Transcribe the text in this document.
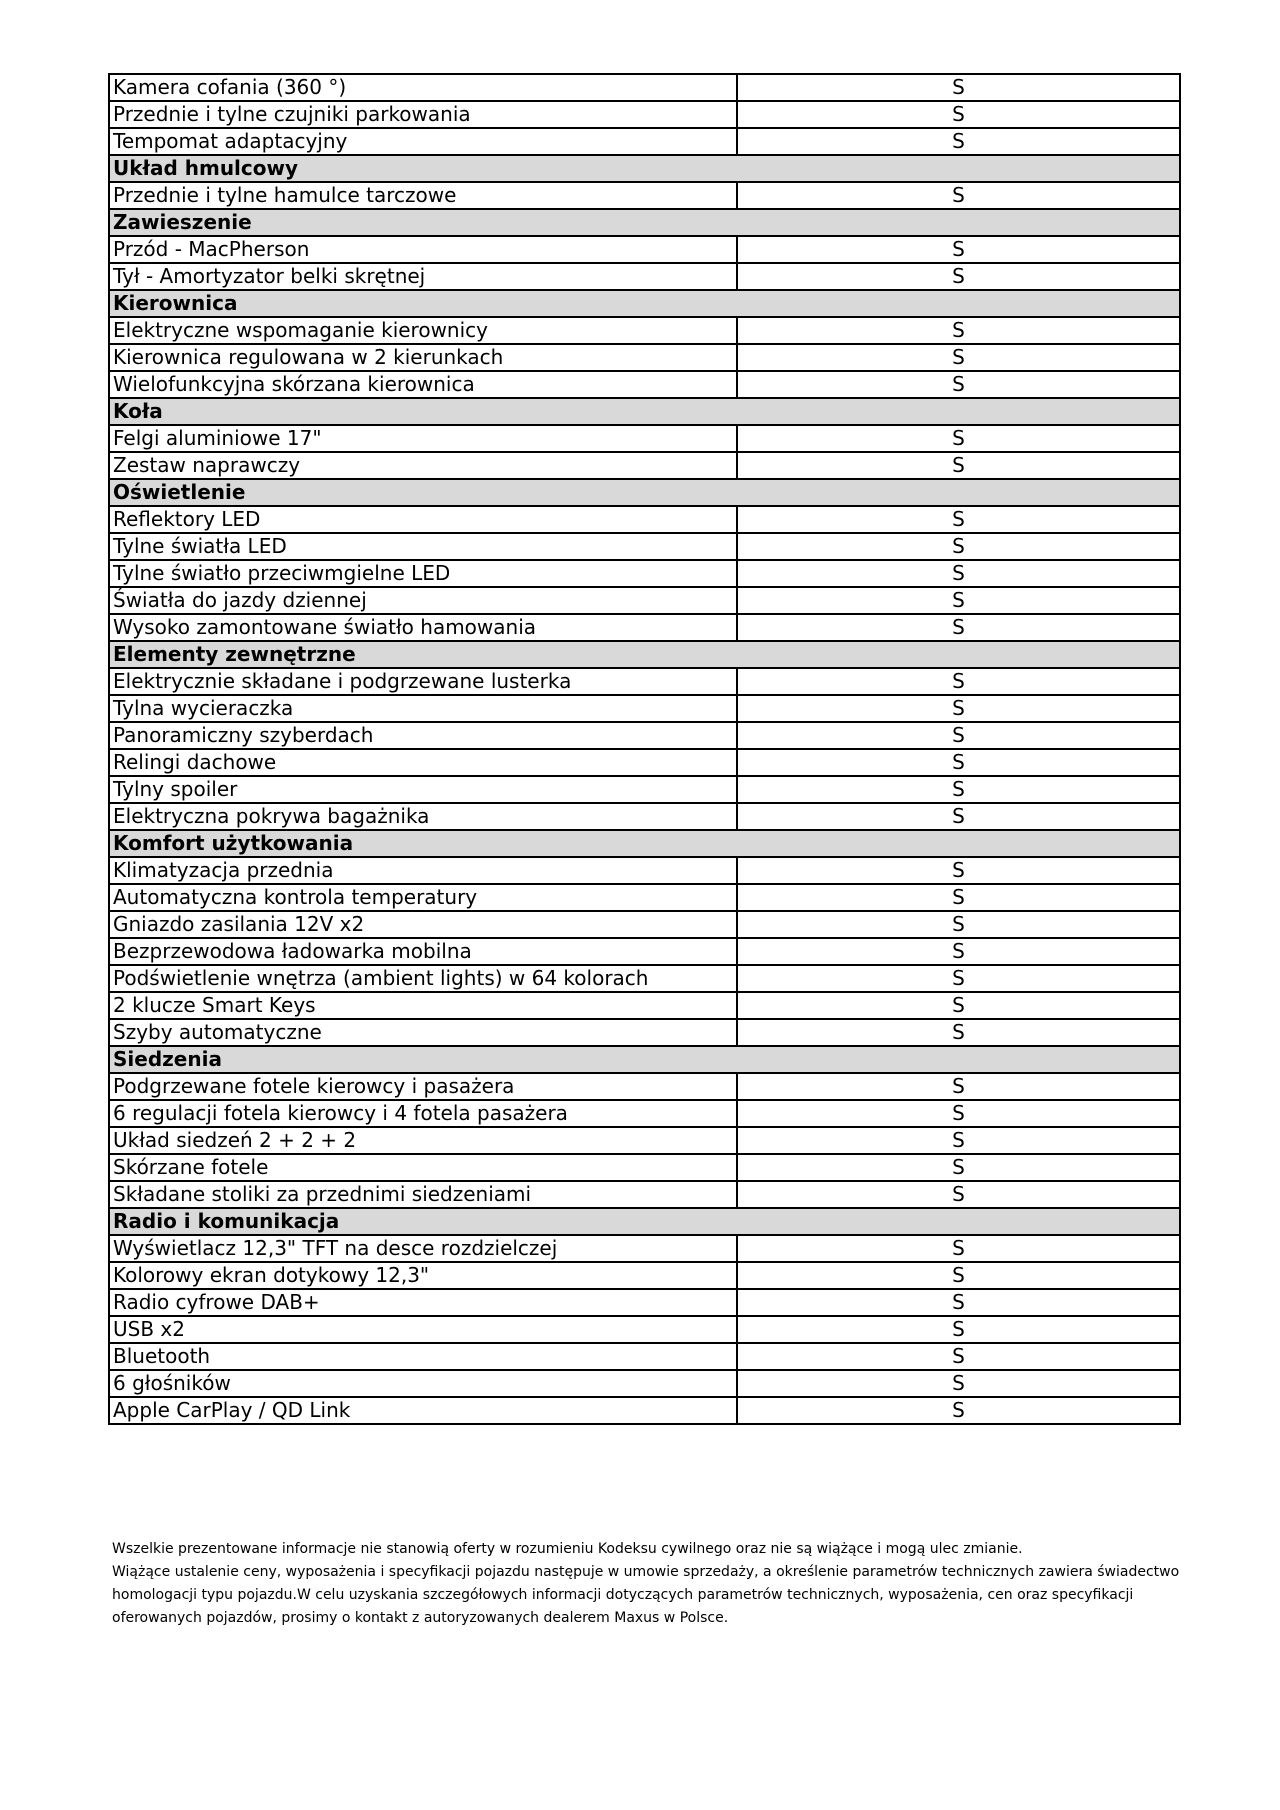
Kamera cofania (360 °)	S
Przednie i tylne czujniki parkowania	S
Tempomat adaptacyjny	S
Układ hmulcowy	
Przednie i tylne hamulce tarczowe	S
Zawieszenie	
Przód - MacPherson	S
Tył - Amortyzator belki skrętnej	S
Kierownica	
Elektryczne wspomaganie kierownicy	S
Kierownica regulowana w 2 kierunkach	S
Wielofunkcyjna skórzana kierownica	S
Koła	
Felgi aluminiowe 17"	S
Zestaw naprawczy	S
Oświetlenie	
Reflektory LED	S
Tylne światła LED	S
Tylne światło przeciwmgielne LED	S
Światła do jazdy dziennej	S
Wysoko zamontowane światło hamowania	S
Elementy zewnętrzne	
Elektrycznie składane i podgrzewane lusterka	S
Tylna wycieraczka	S
Panoramiczny szyberdach	S
Relingi dachowe	S
Tylny spoiler	S
Elektryczna pokrywa bagażnika	S
Komfort użytkowania	
Klimatyzacja przednia	S
Automatyczna kontrola temperatury	S
Gniazdo zasilania 12V x2	S
Bezprzewodowa ładowarka mobilna	S
Podświetlenie wnętrza (ambient lights) w 64 kolorach	S
2 klucze Smart Keys	S
Szyby automatyczne	S
Siedzenia	
Podgrzewane fotele kierowcy i pasażera	S
6 regulacji fotela kierowcy i 4 fotela pasażera	S
Układ siedzeń 2 + 2 + 2	S
Skórzane fotele	S
Składane stoliki za przednimi siedzeniami	S
Radio i komunikacja	
Wyświetlacz 12,3" TFT na desce rozdzielczej	S
Kolorowy ekran dotykowy 12,3"	S
Radio cyfrowe DAB+	S
USB x2	S
Bluetooth	S
6 głośników	S
Apple CarPlay / QD Link	S

Wszelkie prezentowane informacje nie stanowią oferty w rozumieniu Kodeksu cywilnego oraz nie są wiążące i mogą ulec zmianie.

Wiążące ustalenie ceny, wyposażenia i specyfikacji pojazdu następuje w umowie sprzedaży, a określenie parametrów technicznych zawiera świadectwo homologacji typu pojazdu.W celu uzyskania szczegółowych informacji dotyczących parametrów technicznych, wyposażenia, cen oraz specyfikacji oferowanych pojazdów, prosimy o kontakt z autoryzowanych dealerem Maxus w Polsce.
